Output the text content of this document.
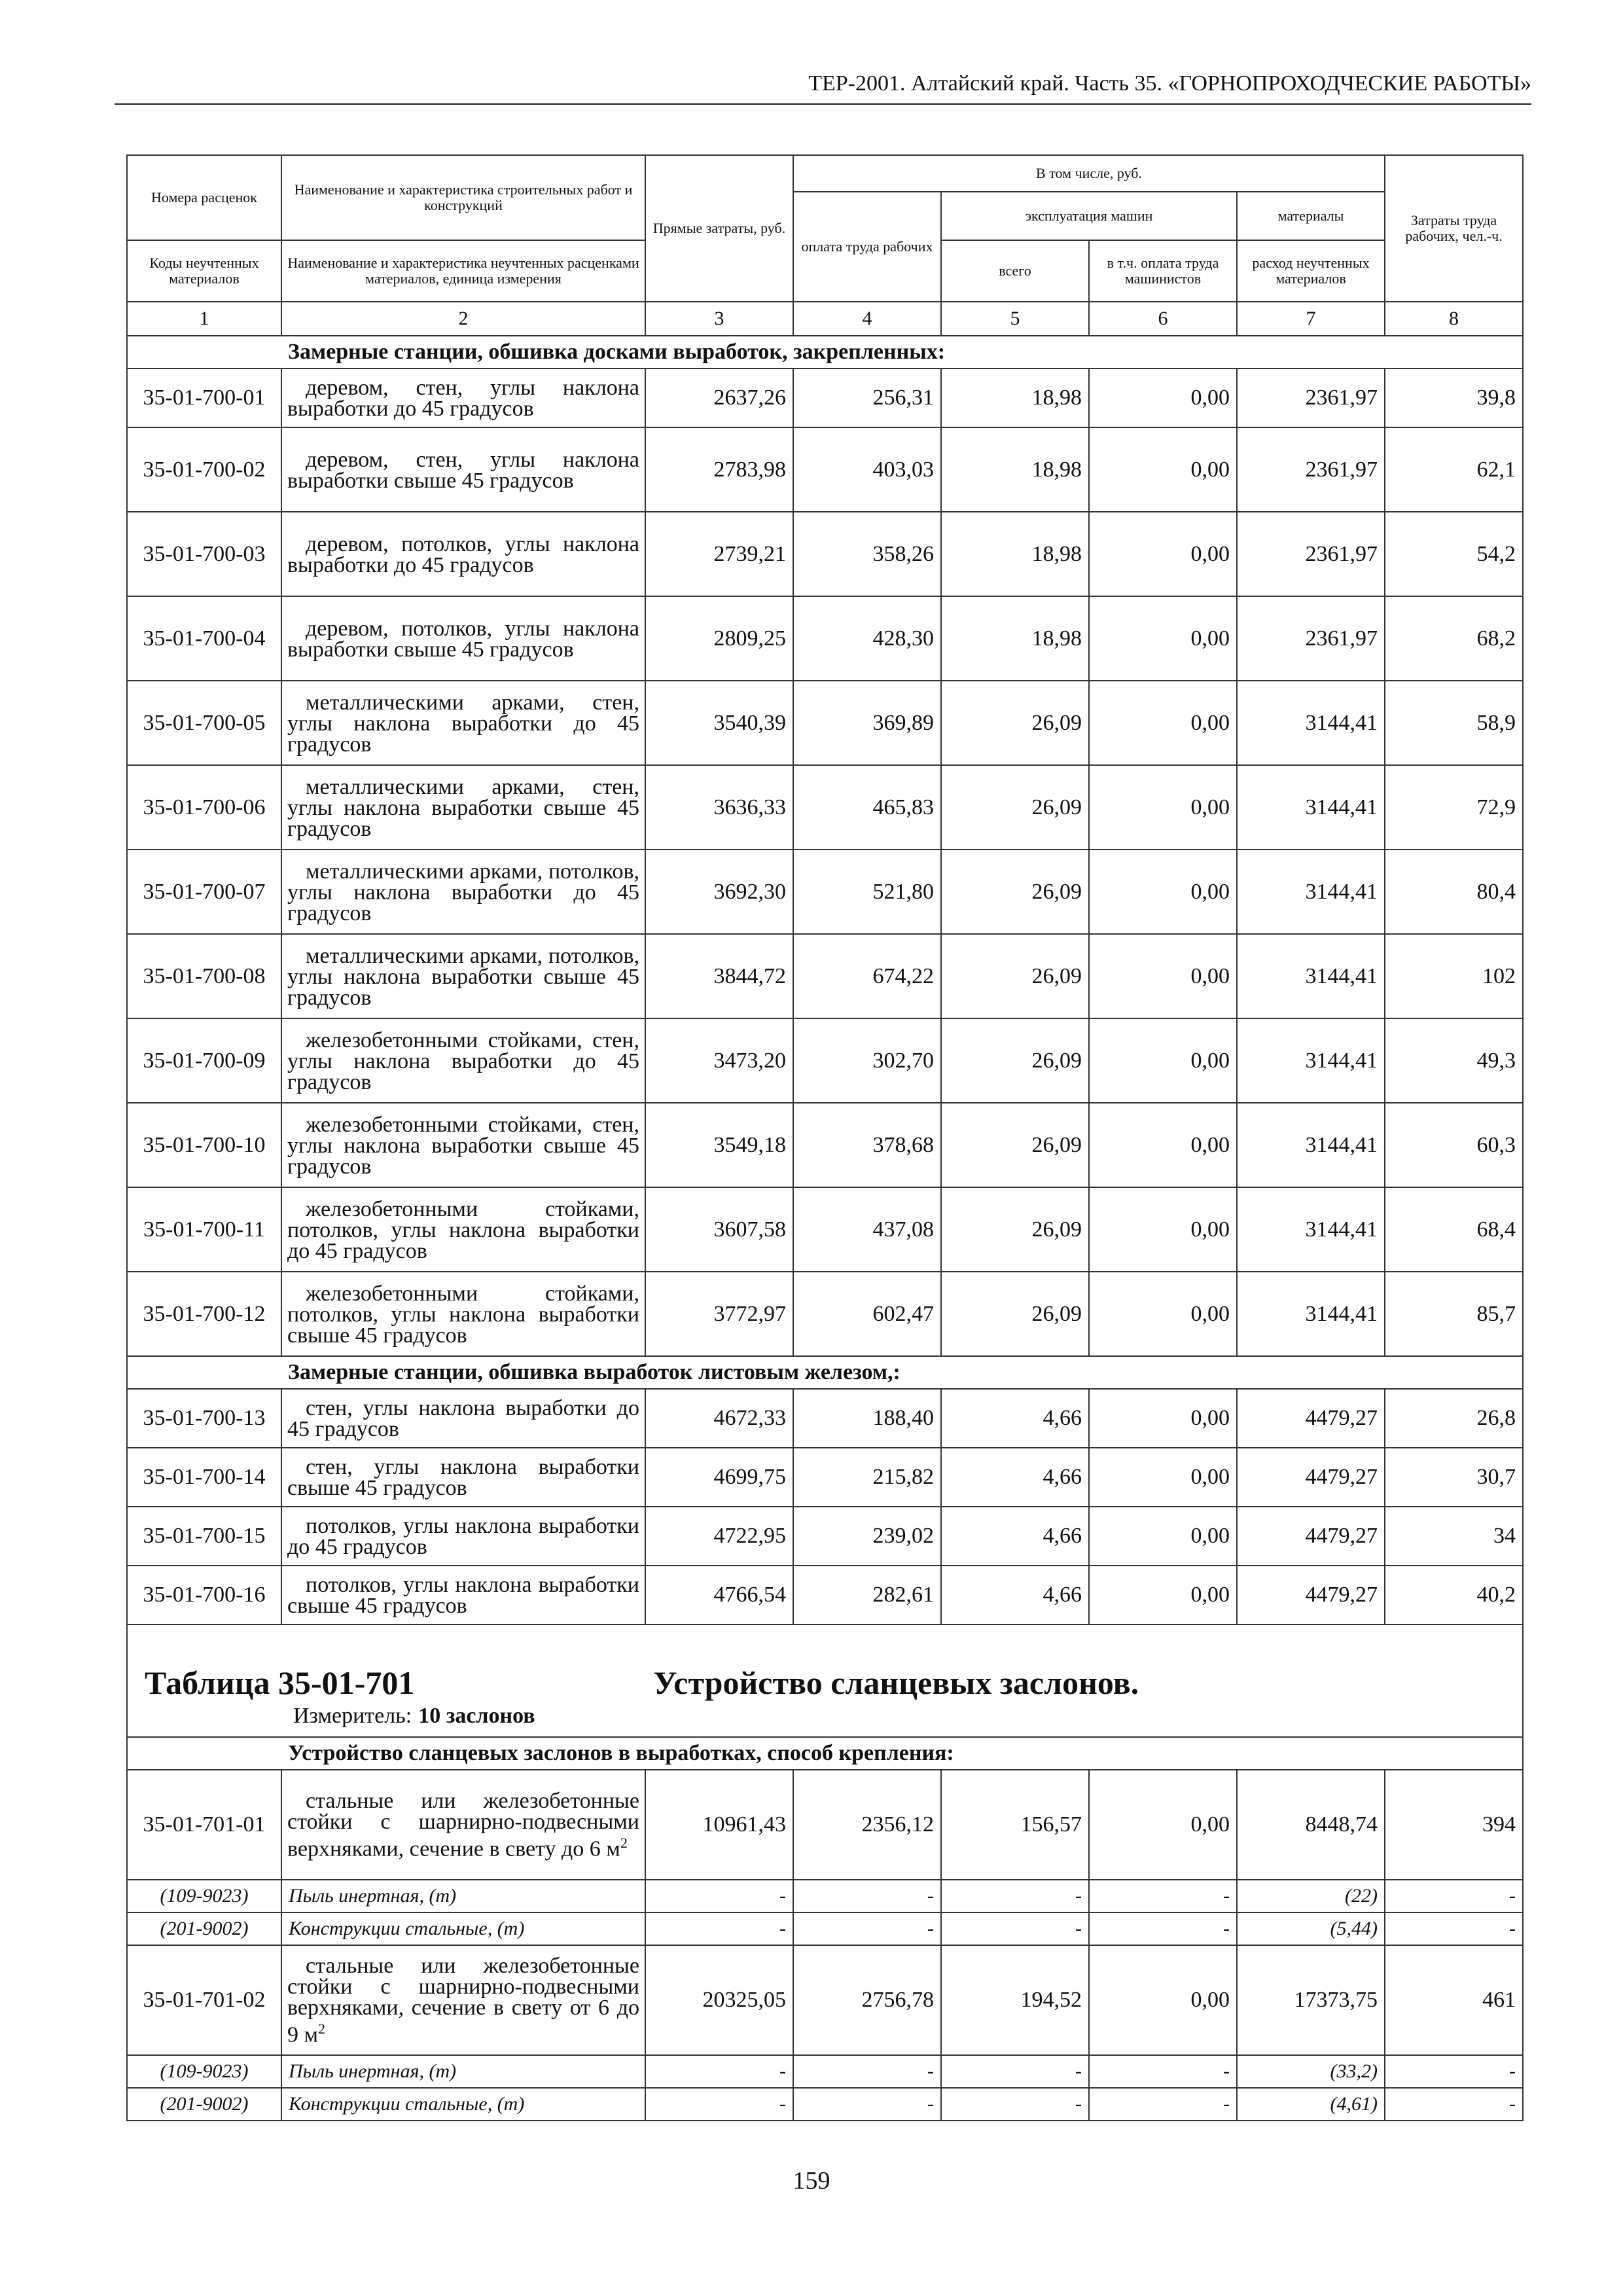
ТЕР-2001. Алтайский край. Часть 35. «ГОРНОПРОХОДЧЕСКИЕ РАБОТЫ»
Номера расценок	Наименование и характеристика строительных работ и конструкций	Прямые затраты, руб.	В том числе, руб.				Затраты труда рабочих, чел.-ч.
			оплата труда рабочих	эксплуатация машин		материалы	
Коды неучтенных материалов	Наименование и характеристика неучтенных расценками материалов, единица измерения			всего	в т.ч. оплата труда машинистов	расход неучтенных материалов	
1	2	3	4	5	6	7	8
	Замерные станции, обшивка досками выработок, закрепленных:						
35-01-700-01	деревом, стен, углы наклона выработки до 45 градусов	2637,26	256,31	18,98	0,00	2361,97	39,8
35-01-700-02	деревом, стен, углы наклона выработки свыше 45 градусов	2783,98	403,03	18,98	0,00	2361,97	62,1
35-01-700-03	деревом, потолков, углы наклона выработки до 45 градусов	2739,21	358,26	18,98	0,00	2361,97	54,2
35-01-700-04	деревом, потолков, углы наклона выработки свыше 45 градусов	2809,25	428,30	18,98	0,00	2361,97	68,2
35-01-700-05	металлическими арками, стен, углы наклона выработки до 45 градусов	3540,39	369,89	26,09	0,00	3144,41	58,9
35-01-700-06	металлическими арками, стен, углы наклона выработки свыше 45 градусов	3636,33	465,83	26,09	0,00	3144,41	72,9
35-01-700-07	металлическими арками, потолков, углы наклона выработки до 45 градусов	3692,30	521,80	26,09	0,00	3144,41	80,4
35-01-700-08	металлическими арками, потолков, углы наклона выработки свыше 45 градусов	3844,72	674,22	26,09	0,00	3144,41	102
35-01-700-09	железобетонными стойками, стен, углы наклона выработки до 45 градусов	3473,20	302,70	26,09	0,00	3144,41	49,3
35-01-700-10	железобетонными стойками, стен, углы наклона выработки свыше 45 градусов	3549,18	378,68	26,09	0,00	3144,41	60,3
35-01-700-11	железобетонными стойками, потолков, углы наклона выработки до 45 градусов	3607,58	437,08	26,09	0,00	3144,41	68,4
35-01-700-12	железобетонными стойками, потолков, углы наклона выработки свыше 45 градусов	3772,97	602,47	26,09	0,00	3144,41	85,7
	Замерные станции, обшивка выработок листовым железом,:						
35-01-700-13	стен, углы наклона выработки до 45 градусов	4672,33	188,40	4,66	0,00	4479,27	26,8
35-01-700-14	стен, углы наклона выработки свыше 45 градусов	4699,75	215,82	4,66	0,00	4479,27	30,7
35-01-700-15	потолков, углы наклона выработки до 45 градусов	4722,95	239,02	4,66	0,00	4479,27	34
35-01-700-16	потолков, углы наклона выработки свыше 45 градусов	4766,54	282,61	4,66	0,00	4479,27	40,2

Таблица 35-01-701 Устройство сланцевых заслонов.
Измеритель: 10 заслонов							

	Устройство сланцевых заслонов в выработках, способ крепления:						
35-01-701-01	стальные или железобетонные стойки с шарнирно-подвесными верхняками, сечение в свету до 6 $м^2$	10961,43	2356,12	156,57	0,00	8448,74	394
(109-9023)	Пыль инертная, (т)	-	-	-	-	(22)	-
(201-9002)	Конструкции стальные, (т)	-	-	-	-	(5,44)	-
35-01-701-02	стальные или железобетонные стойки с шарнирно-подвесными верхняками, сечение в свету от 6 до 9 $м^2$	20325,05	2756,78	194,52	0,00	17373,75	461
(109-9023)	Пыль инертная, (т)	-	-	-	-	(33,2)	-
(201-9002)	Конструкции стальные, (т)	-	-	-	-	(4,61)	-
159
